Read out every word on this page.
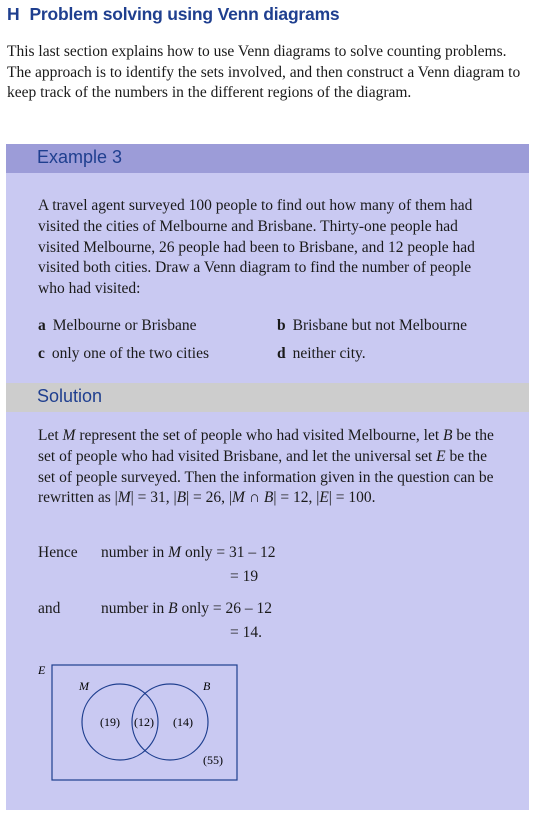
H Problem solving using Venn diagrams
This last section explains how to use Venn diagrams to solve counting problems. The approach is to identify the sets involved, and then construct a Venn diagram to keep track of the numbers in the different regions of the diagram.
Example 3
A travel agent surveyed 100 people to find out how many of them had visited the cities of Melbourne and Brisbane. Thirty-one people had visited Melbourne, 26 people had been to Brisbane, and 12 people had visited both cities. Draw a Venn diagram to find the number of people who had visited:
a Melbourne or Brisbane	b Brisbane but not Melbourne
c only one of the two cities	d neither city.
Solution
Let M represent the set of people who had visited Melbourne, let B be the set of people who had visited Brisbane, and let the universal set E be the set of people surveyed. Then the information given in the question can be rewritten as |M| = 31, |B| = 26, |M ∩ B| = 12, |E| = 100.
Hence number in M only = 31 – 12
= 19
and	number in B only = 26 – 12
= 14.
E
M	B
(19) (12) (14)
(55)
